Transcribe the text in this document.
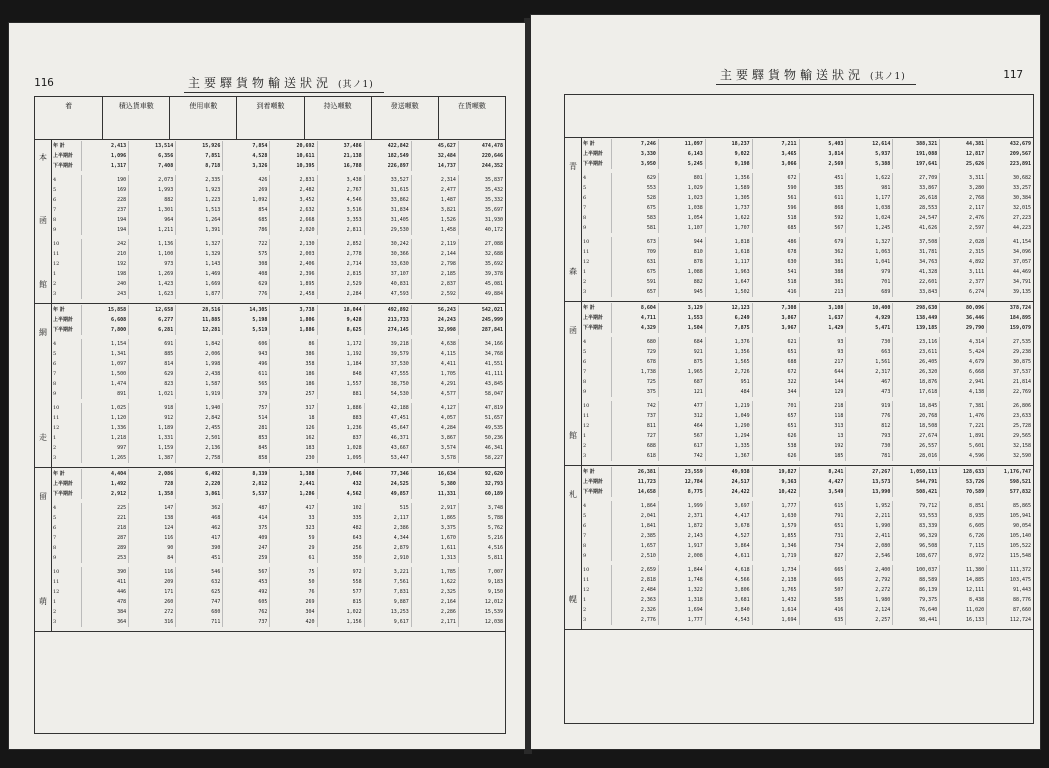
116	主要驛貨物輸送狀況 (其ノ1)
着	積込貨車數	使用車數	到着噸數	持込噸數	發送噸數	在貨噸數
本
函
館
年 計	2,413	13,514	15,926	7,854	20,692	37,486	422,842	45,627	474,478
上半期計	1,096	6,356	7,851	4,528	10,611	21,138	182,549	32,484	220,646
下半期計	1,317	7,408	8,718	3,326	10,395	16,788	226,897	14,737	244,352
4	190	2,073	2,335	426	2,831	3,438	33,527	2,314	35,837
5	169	1,993	1,923	269	2,482	2,767	31,615	2,477	35,432
6	228	882	1,223	1,092	3,452	4,546	33,862	1,487	35,332
7	237	1,301	1,513	854	2,632	3,516	31,834	3,821	35,697
8	194	964	1,264	685	2,668	3,353	31,405	1,526	31,930
9	194	1,211	1,391	786	2,020	2,811	29,530	1,458	40,172
10	242	1,136	1,327	722	2,130	2,852	30,242	2,119	27,088
11	210	1,100	1,329	575	2,003	2,778	30,366	2,144	32,688
12	192	973	1,143	308	2,406	2,714	33,630	2,798	35,692
1	198	1,269	1,469	408	2,396	2,815	37,107	2,185	39,378
2	240	1,423	1,669	629	1,895	2,529	40,831	2,837	45,081
3	243	1,623	1,877	776	2,458	2,284	47,593	2,592	49,884
網
走
年 計	15,858	12,658	28,516	14,305	3,738	18,044	492,892	56,243	542,021
上半期計	6,608	6,277	11,885	5,198	1,806	9,428	213,733	24,243	245,999
下半期計	7,800	6,281	12,281	5,519	1,886	8,625	274,145	32,998	287,841
4	1,154	691	1,842	606	86	1,172	39,218	4,638	34,166
5	1,341	885	2,006	943	386	1,192	39,579	4,115	34,768
6	1,097	814	1,998	496	358	1,184	37,530	4,411	41,551
7	1,500	629	2,438	611	186	848	47,555	1,705	41,111
8	1,474	823	1,587	565	186	1,557	38,750	4,291	43,845
9	891	1,021	1,919	379	257	881	54,530	4,577	58,047
10	1,025	918	1,940	757	317	1,886	42,188	4,127	47,819
11	1,120	912	2,842	514	18	883	47,451	4,057	51,657
12	1,336	1,189	2,455	281	126	1,236	45,647	4,284	49,535
1	1,218	1,331	2,501	853	162	837	46,371	3,867	50,236
2	997	1,159	2,136	845	183	1,028	43,667	3,574	46,341
3	1,265	1,387	2,758	858	230	1,095	53,447	3,578	58,227
留
萌
年 計	4,404	2,086	6,492	8,339	1,388	7,046	77,346	16,634	92,620
上半期計	1,492	728	2,220	2,812	2,441	432	24,525	5,380	32,793
下半期計	2,912	1,358	3,861	5,537	1,286	4,562	49,857	11,331	60,189
4	225	147	362	487	417	102	515	2,917	3,748
5	221	138	468	414	33	335	2,117	1,865	5,788
6	218	124	462	375	323	482	2,386	3,375	5,762
7	287	116	417	409	59	643	4,344	1,670	5,216
8	289	90	390	247	29	256	2,879	1,611	4,516
9	253	84	451	259	61	350	2,910	1,313	5,811
10	390	116	546	567	75	972	3,221	1,785	7,007
11	411	209	632	453	50	558	7,561	1,622	9,183
12	446	171	625	492	76	577	7,831	2,325	9,150
1	478	260	747	605	269	815	9,887	2,164	12,012
2	384	272	680	762	304	1,022	13,253	2,286	15,539
3	364	316	711	737	420	1,156	9,617	2,171	12,038
117
主要驛貨物輸送狀況 (其ノ1)
青
森
年 計	7,246	11,097	18,237	7,211	5,403	12,614	388,321	44,381	432,679
上半期計	3,330	6,143	9,022	3,465	3,814	5,937	191,088	12,817	209,567
下半期計	3,950	5,245	9,198	3,066	2,569	5,388	197,641	25,626	223,891
4	629	801	1,356	672	451	1,622	27,709	3,311	30,682
5	553	1,029	1,589	590	385	981	33,867	3,280	33,257
6	528	1,023	1,305	561	611	1,177	26,618	2,768	30,384
7	675	1,038	1,737	596	868	1,038	28,553	2,117	32,015
8	583	1,054	1,622	518	592	1,024	24,547	2,476	27,223
9	581	1,107	1,707	685	567	1,245	41,626	2,597	44,223
10	673	944	1,818	486	679	1,327	37,508	2,028	41,154
11	709	810	1,618	678	362	1,063	31,781	2,315	34,096
12	631	878	1,117	630	381	1,041	34,763	4,892	37,057
1	675	1,088	1,963	541	388	979	41,328	3,111	44,469
2	591	882	1,647	518	381	701	22,601	2,377	34,791
3	657	945	1,502	416	213	689	33,843	6,274	39,135
函
館
年 計	8,604	3,129	12,123	7,308	3,108	10,400	298,630	80,096	378,724
上半期計	4,711	1,553	6,249	3,867	1,637	4,929	138,449	36,446	184,895
下半期計	4,329	1,504	7,875	3,967	1,429	5,471	139,185	29,790	159,079
4	680	684	1,376	621	93	730	23,116	4,314	27,535
5	729	921	1,356	651	93	663	23,611	5,424	29,238
6	678	875	1,565	688	217	1,561	26,405	4,679	30,875
7	1,738	1,965	2,726	672	644	2,317	26,320	6,668	37,537
8	725	687	951	322	144	467	18,876	2,941	21,814
9	375	121	484	344	129	473	17,618	4,138	22,769
10	742	477	1,219	701	218	919	18,845	7,381	26,806
11	737	312	1,049	657	118	776	20,768	1,476	23,633
12	811	464	1,290	651	313	812	18,508	7,221	25,728
1	727	567	1,294	626	13	793	27,674	1,891	29,565
2	688	617	1,335	538	192	730	26,557	5,601	32,158
3	618	742	1,367	626	185	781	28,016	4,596	32,590
札
幌
年 計	26,381	23,559	49,938	19,827	8,241	27,267	1,050,113	128,633	1,176,747
上半期計	11,723	12,784	24,517	9,363	4,427	13,573	544,791	53,726	598,521
下半期計	14,658	8,775	24,422	10,422	3,549	13,990	508,421	70,589	577,832
4	1,864	1,999	3,697	1,777	615	1,952	79,712	8,851	85,865
5	2,041	2,371	4,417	1,630	791	2,211	93,553	8,935	105,941
6	1,841	1,872	3,678	1,579	651	1,990	83,339	6,605	90,054
7	2,385	2,143	4,527	1,855	731	2,411	96,329	6,726	105,140
8	1,657	1,917	3,864	1,346	734	2,080	96,508	7,115	105,522
9	2,510	2,008	4,611	1,719	827	2,546	108,677	8,972	115,548
10	2,659	1,844	4,618	1,734	665	2,400	100,037	11,380	111,372
11	2,818	1,748	4,566	2,138	665	2,792	88,589	14,885	103,475
12	2,484	1,322	3,806	1,765	507	2,272	86,139	12,111	91,443
1	2,363	1,318	3,681	1,432	585	1,980	79,375	8,438	88,776
2	2,326	1,694	3,840	1,614	416	2,124	76,640	11,020	87,660
3	2,776	1,777	4,543	1,694	635	2,257	98,441	16,133	112,724
